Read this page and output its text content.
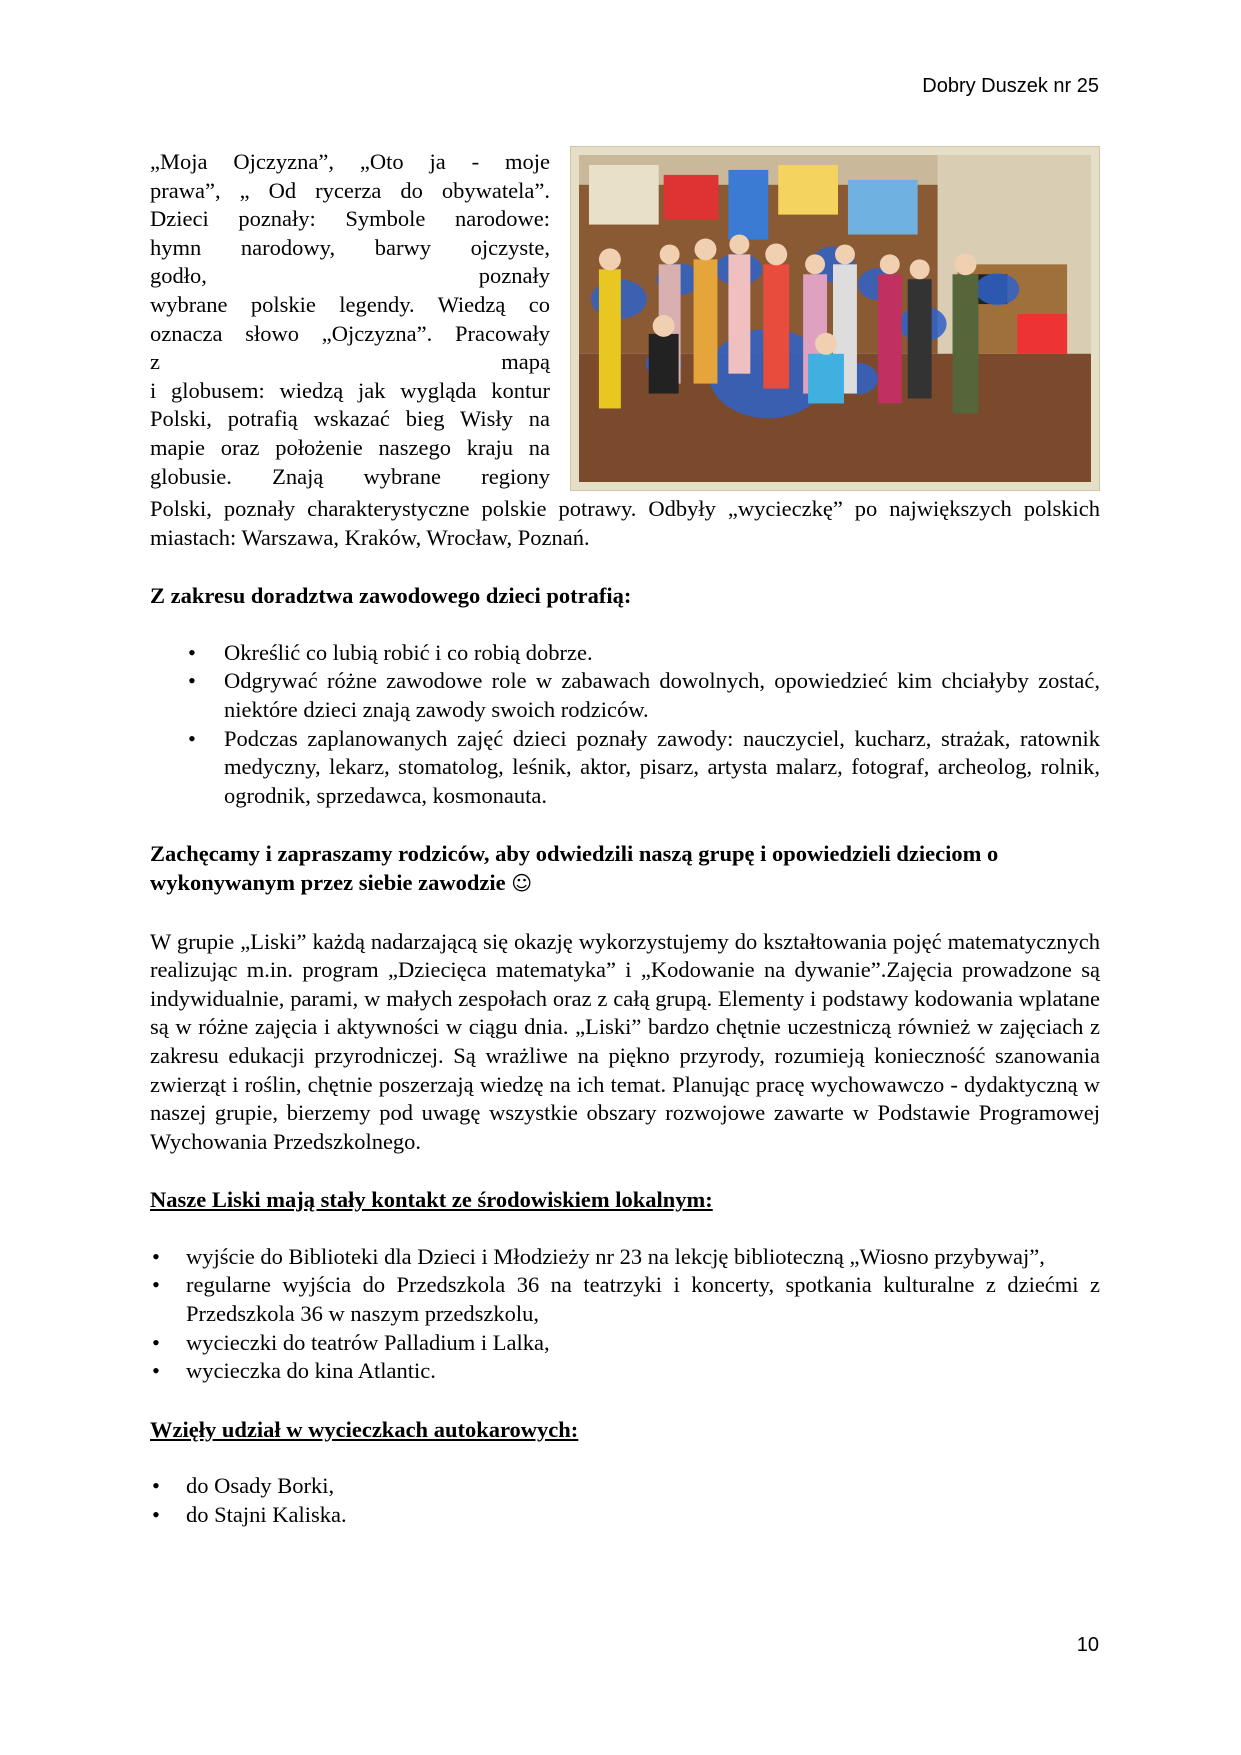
Dobry Duszek nr 25
„Moja Ojczyzna”, „Oto ja - moje
prawa”, „ Od rycerza do obywatela”.
Dzieci poznały: Symbole narodowe:
hymn narodowy, barwy ojczyste,
godło, poznały
wybrane polskie legendy. Wiedzą co
oznacza słowo „Ojczyzna”. Pracowały
z mapą
i globusem: wiedzą jak wygląda kontur
Polski, potrafią wskazać bieg Wisły na
mapie oraz położenie naszego kraju na
globusie. Znają wybrane regiony

Polski, poznały charakterystyczne polskie potrawy. Odbyły „wycieczkę” po największych polskich miastach: Warszawa, Kraków, Wrocław, Poznań.

Z zakresu doradztwa zawodowego dzieci potrafią:
• Określić co lubią robić i co robią dobrze.
• Odgrywać różne zawodowe role w zabawach dowolnych, opowiedzieć kim chciałyby zostać, niektóre dzieci znają zawody swoich rodziców.
• Podczas zaplanowanych zajęć dzieci poznały zawody: nauczyciel, kucharz, strażak, ratownik medyczny, lekarz, stomatolog, leśnik, aktor, pisarz, artysta malarz, fotograf, archeolog, rolnik, ogrodnik, sprzedawca, kosmonauta.
Zachęcamy i zapraszamy rodziców, aby odwiedzili naszą grupę i opowiedzieli dzieciom o wykonywanym przez siebie zawodzie ☺

W grupie „Liski” każdą nadarzającą się okazję wykorzystujemy do kształtowania pojęć matematycznych realizując m.in. program „Dziecięca matematyka” i „Kodowanie na dywanie”.Zajęcia prowadzone są indywidualnie, parami, w małych zespołach oraz z całą grupą. Elementy i podstawy kodowania wplatane są w różne zajęcia i aktywności w ciągu dnia. „Liski” bardzo chętnie uczestniczą również w zajęciach z zakresu edukacji przyrodniczej. Są wrażliwe na piękno przyrody, rozumieją konieczność szanowania zwierząt i roślin, chętnie poszerzają wiedzę na ich temat. Planując pracę wychowawczo - dydaktyczną w naszej grupie, bierzemy pod uwagę wszystkie obszary rozwojowe zawarte w Podstawie Programowej Wychowania Przedszkolnego.

Nasze Liski mają stały kontakt ze środowiskiem lokalnym:
• wyjście do Biblioteki dla Dzieci i Młodzieży nr 23 na lekcję biblioteczną „Wiosno przybywaj”,
• regularne wyjścia do Przedszkola 36 na teatrzyki i koncerty, spotkania kulturalne z dziećmi z Przedszkola 36 w naszym przedszkolu,
• wycieczki do teatrów Palladium i Lalka,
• wycieczka do kina Atlantic.
Wzięły udział w wycieczkach autokarowych:
• do Osady Borki,
• do Stajni Kaliska.
10
